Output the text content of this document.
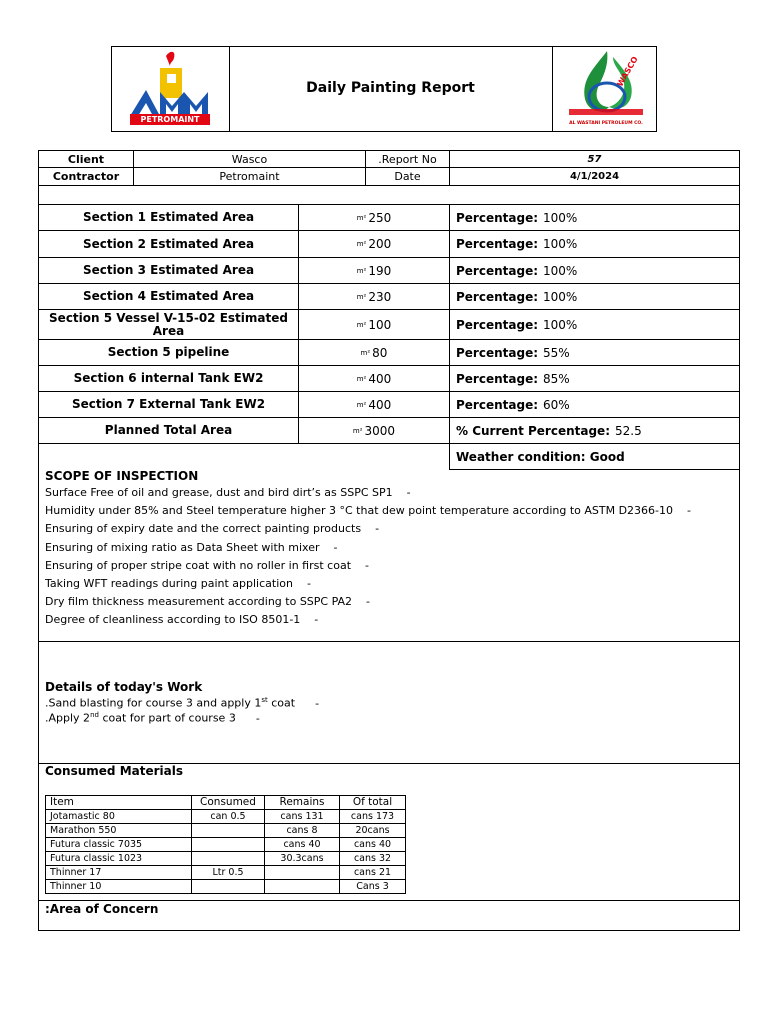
PETROMAINT
Daily Painting Report	WASCO
AL WASTANI PETROLEUM CO.
Client	Wasco	.Report No	57
Contractor	Petromaint	Date	4/1/2024
Section 1 Estimated Area	m² 250	Percentage: 100%
Section 2 Estimated Area	m² 200	Percentage: 100%
Section 3 Estimated Area	m² 190	Percentage: 100%
Section 4 Estimated Area	m² 230	Percentage: 100%
Section 5 Vessel V-15-02 Estimated Area	m² 100	Percentage: 100%
Section 5 pipeline	m² 80	Percentage: 55%
Section 6 internal Tank EW2	m² 400	Percentage: 85%
Section 7 External Tank EW2	m² 400	Percentage: 60%
Planned Total Area	m² 3000	% Current Percentage: 52.5
Weather condition: Good
SCOPE OF INSPECTION
Surface Free of oil and grease, dust and bird dirt’s as SSPC SP1 -
Humidity under 85% and Steel temperature higher 3 °C that dew point temperature according to ASTM D2366-10 -
Ensuring of expiry date and the correct painting products -
Ensuring of mixing ratio as Data Sheet with mixer -
Ensuring of proper stripe coat with no roller in first coat -
Taking WFT readings during paint application -
Dry film thickness measurement according to SSPC PA2 -
Degree of cleanliness according to ISO 8501-1 -
Details of today's Work
.Sand blasting for course 3 and apply 1st coat -
.Apply 2nd coat for part of course 3 -
Consumed Materials
Item	Consumed	Remains	Of total
Jotamastic 80	can 0.5	cans 131	cans 173
Marathon 550		cans 8	20cans
Futura classic 7035		cans 40	cans 40
Futura classic 1023		30.3cans	cans 32
Thinner 17	Ltr 0.5		cans 21
Thinner 10			Cans 3
:Area of Concern
